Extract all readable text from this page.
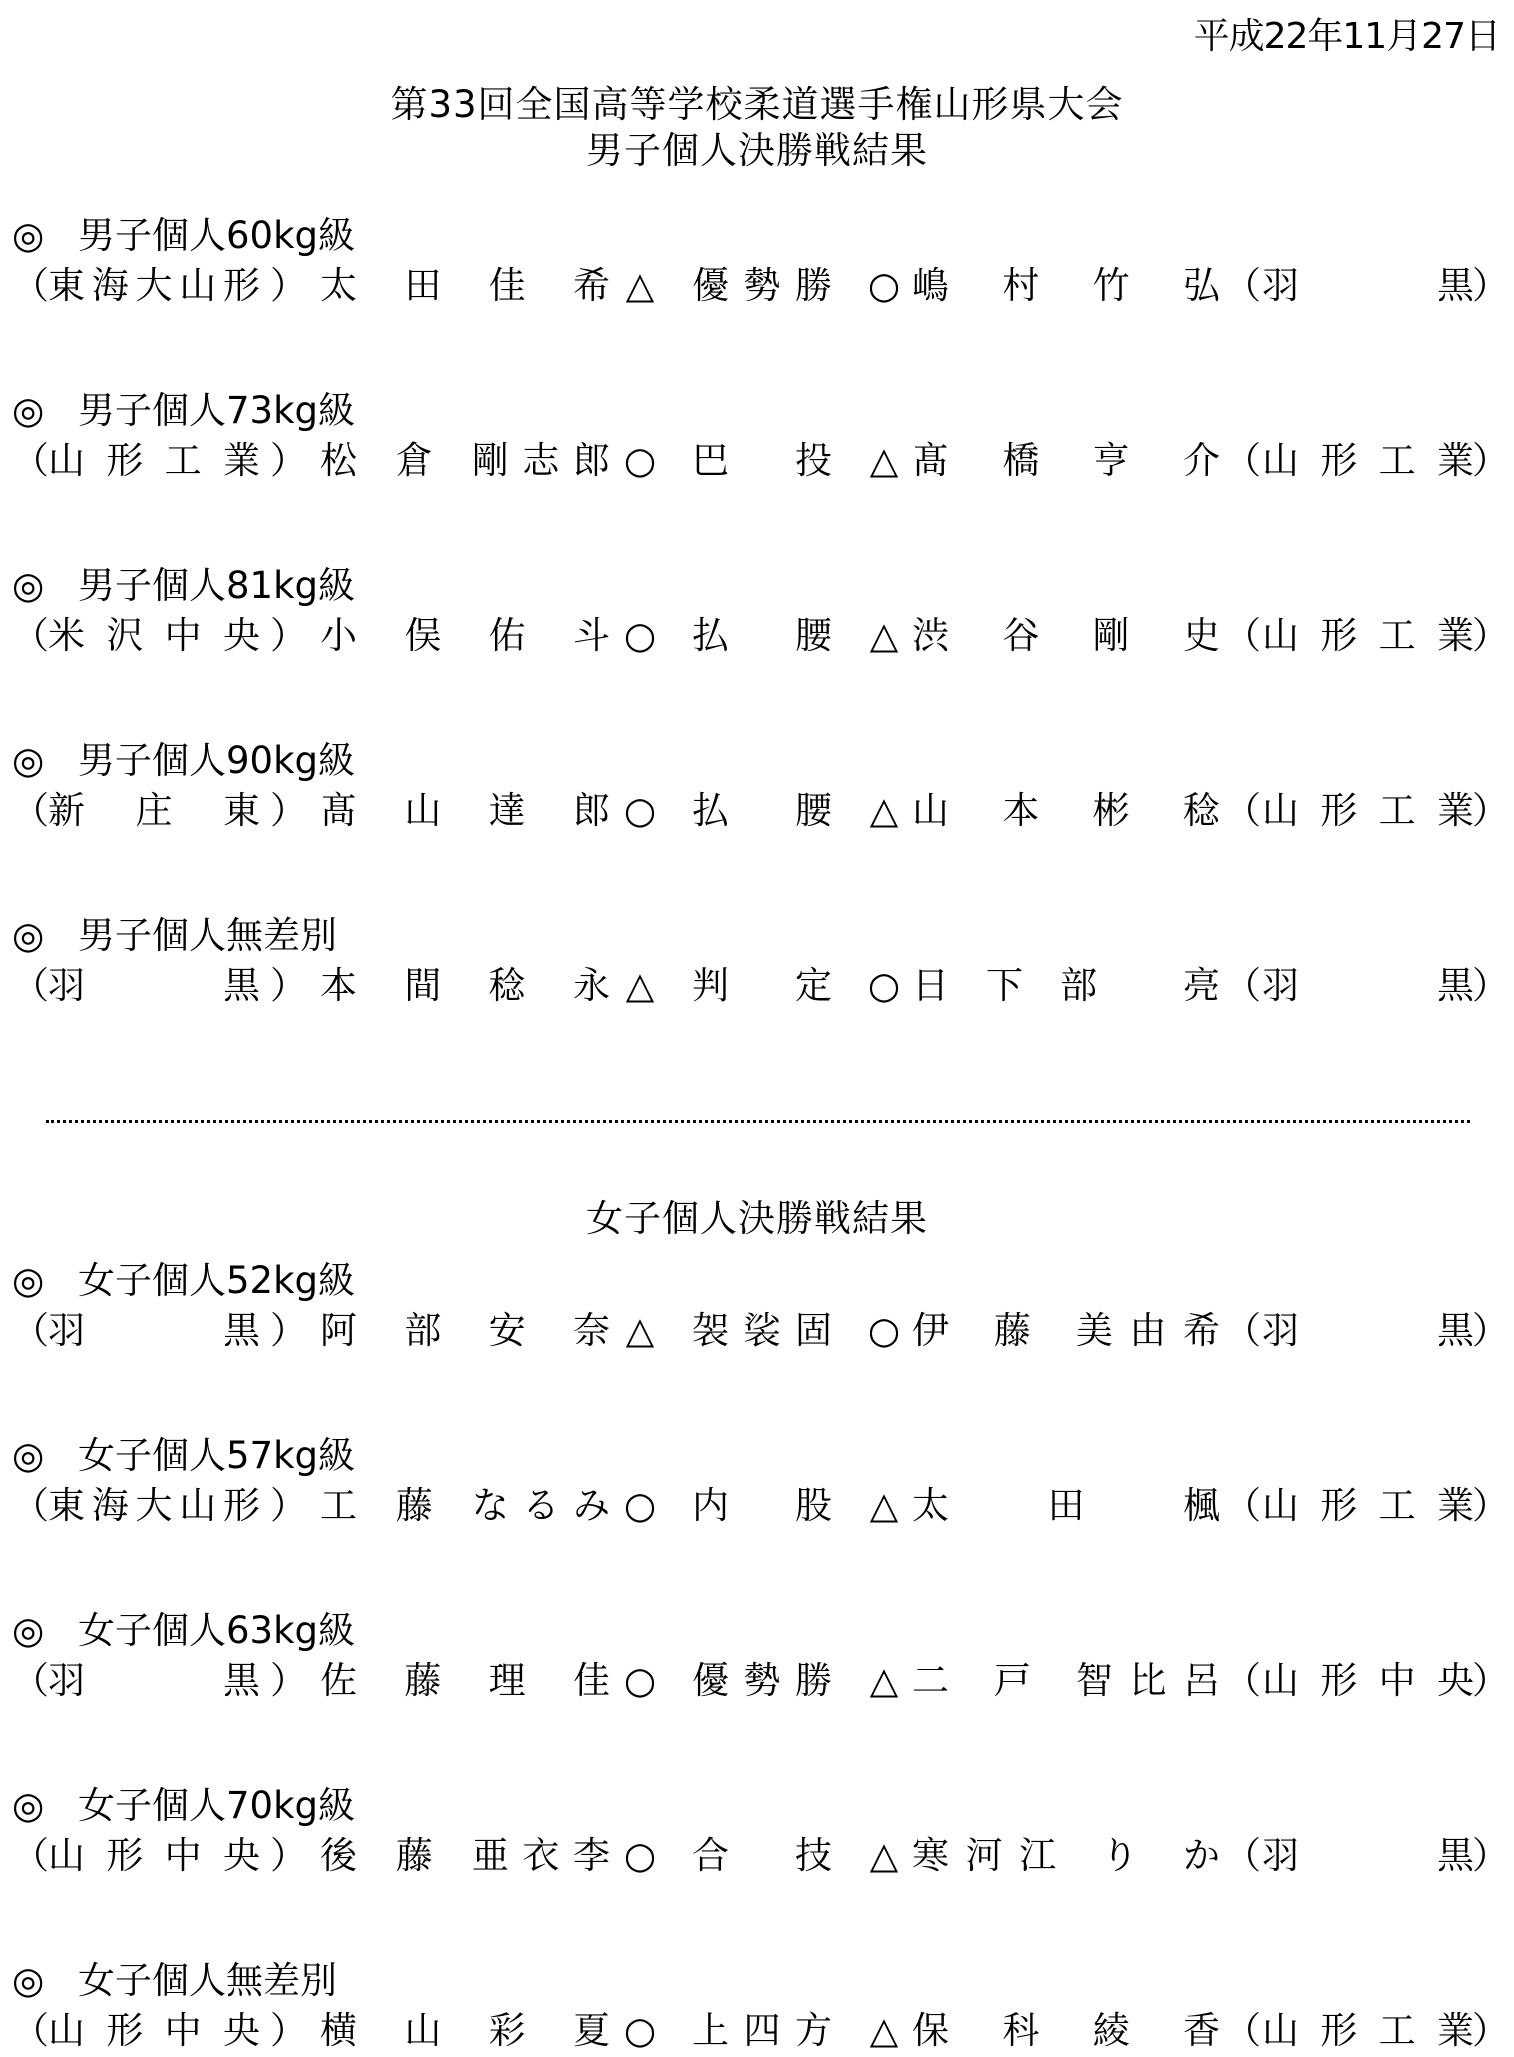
平成22年11月27日
第33回全国高等学校柔道選手権山形県大会
男子個人決勝戦結果
女子個人決勝戦結果
◎ 男子個人60kg級
（ 東海大山形 ） 太 田 佳 希 △ 優勢勝 ○ 嶋 村 竹 弘 （ 羽 黒
）
◎ 男子個人73kg級
（ 山 形 工 業 ） 松 倉 剛志郎 ○ 巴 投 △ 髙 橋 亨 介 （ 山 形 工 業
）
◎ 男子個人81kg級
（ 米 沢 中 央 ） 小 俣 佑 斗 ○ 払 腰 △ 渋 谷 剛 史 （ 山 形 工 業
）
◎ 男子個人90kg級
（ 新 庄 東 ） 髙 山 達 郎 ○ 払 腰 △ 山 本 彬 稔 （ 山 形 工 業
）
◎ 男子個人無差別
（ 羽 黒 ） 本 間 稔 永 △ 判 定 ○ 日下部 亮 （ 羽 黒
）
◎ 女子個人52kg級
（ 羽 黒 ） 阿 部 安 奈 △ 袈裟固 ○ 伊 藤 美由希 （ 羽 黒
）
◎ 女子個人57kg級
（ 東海大山形 ） 工 藤 なるみ ○ 内 股 △ 太 田 楓 （ 山 形 工 業
）
◎ 女子個人63kg級
（ 羽 黒 ） 佐 藤 理 佳 ○ 優勢勝 △ 二 戸 智比呂 （ 山 形 中 央
）
◎ 女子個人70kg級
（ 山 形 中 央 ） 後 藤 亜衣李 ○ 合 技 △ 寒河江 り か （ 羽 黒
）
◎ 女子個人無差別
（ 山 形 中 央 ） 横 山 彩 夏 ○ 上四方 △ 保 科 綾 香 （ 山 形 工 業
）
